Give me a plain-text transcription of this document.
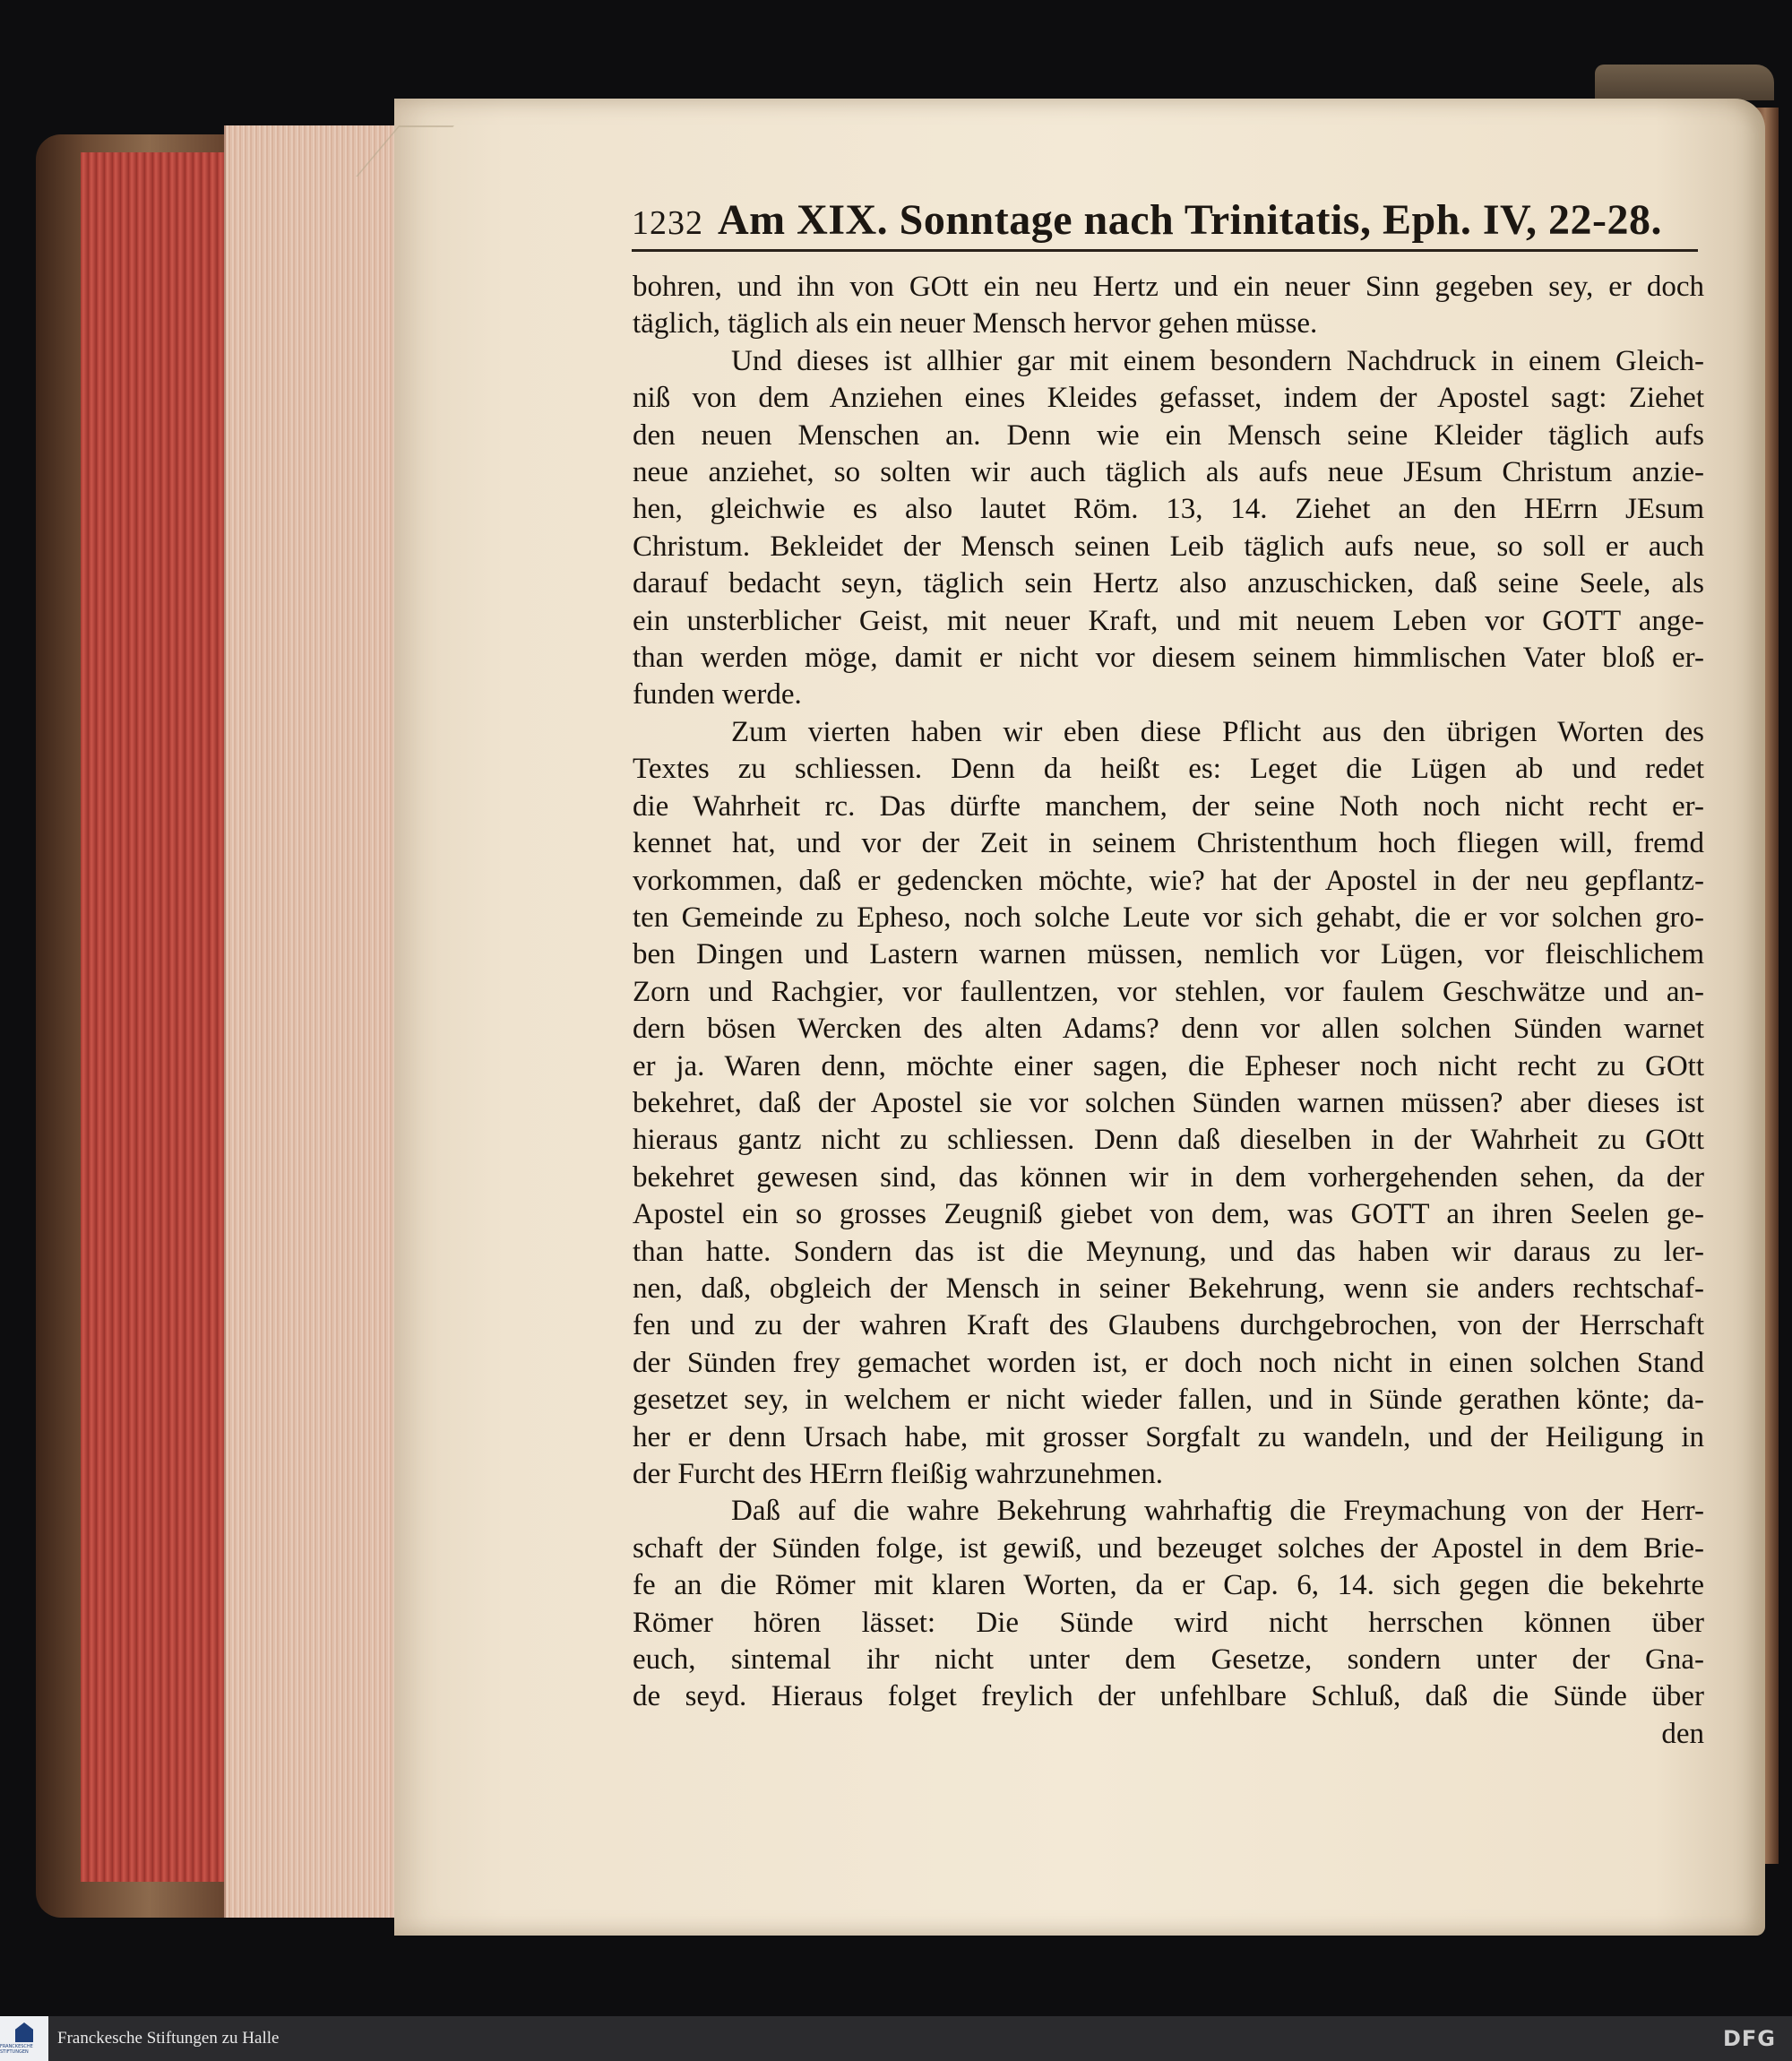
1232 Am XIX. Sonntage nach Trinitatis, Eph. IV, 22-28.
bohren, und ihn von GOtt ein neu Hertz und ein neuer Sinn gegeben sey, er doch
täglich, täglich als ein neuer Mensch hervor gehen müsse.
Und dieses ist allhier gar mit einem besondern Nachdruck in einem Gleich-
niß von dem Anziehen eines Kleides gefasset, indem der Apostel sagt: Ziehet
den neuen Menschen an. Denn wie ein Mensch seine Kleider täglich aufs
neue anziehet, so solten wir auch täglich als aufs neue JEsum Christum anzie-
hen, gleichwie es also lautet Röm. 13, 14. Ziehet an den HErrn JEsum
Christum. Bekleidet der Mensch seinen Leib täglich aufs neue, so soll er auch
darauf bedacht seyn, täglich sein Hertz also anzuschicken, daß seine Seele, als
ein unsterblicher Geist, mit neuer Kraft, und mit neuem Leben vor GOTT ange-
than werden möge, damit er nicht vor diesem seinem himmlischen Vater bloß er-
funden werde.
Zum vierten haben wir eben diese Pflicht aus den übrigen Worten des
Textes zu schliessen. Denn da heißt es: Leget die Lügen ab und redet
die Wahrheit rc. Das dürfte manchem, der seine Noth noch nicht recht er-
kennet hat, und vor der Zeit in seinem Christenthum hoch fliegen will, fremd
vorkommen, daß er gedencken möchte, wie? hat der Apostel in der neu gepflantz-
ten Gemeinde zu Epheso, noch solche Leute vor sich gehabt, die er vor solchen gro-
ben Dingen und Lastern warnen müssen, nemlich vor Lügen, vor fleischlichem
Zorn und Rachgier, vor faullentzen, vor stehlen, vor faulem Geschwätze und an-
dern bösen Wercken des alten Adams? denn vor allen solchen Sünden warnet
er ja. Waren denn, möchte einer sagen, die Epheser noch nicht recht zu GOtt
bekehret, daß der Apostel sie vor solchen Sünden warnen müssen? aber dieses ist
hieraus gantz nicht zu schliessen. Denn daß dieselben in der Wahrheit zu GOtt
bekehret gewesen sind, das können wir in dem vorhergehenden sehen, da der
Apostel ein so grosses Zeugniß giebet von dem, was GOTT an ihren Seelen ge-
than hatte. Sondern das ist die Meynung, und das haben wir daraus zu ler-
nen, daß, obgleich der Mensch in seiner Bekehrung, wenn sie anders rechtschaf-
fen und zu der wahren Kraft des Glaubens durchgebrochen, von der Herrschaft
der Sünden frey gemachet worden ist, er doch noch nicht in einen solchen Stand
gesetzet sey, in welchem er nicht wieder fallen, und in Sünde gerathen könte; da-
her er denn Ursach habe, mit grosser Sorgfalt zu wandeln, und der Heiligung in
der Furcht des HErrn fleißig wahrzunehmen.
Daß auf die wahre Bekehrung wahrhaftig die Freymachung von der Herr-
schaft der Sünden folge, ist gewiß, und bezeuget solches der Apostel in dem Brie-
fe an die Römer mit klaren Worten, da er Cap. 6, 14. sich gegen die bekehrte
Römer hören lässet: Die Sünde wird nicht herrschen können über
euch, sintemal ihr nicht unter dem Gesetze, sondern unter der Gna-
de seyd. Hieraus folget freylich der unfehlbare Schluß, daß die Sünde über
den
FRANCKESCHE STIFTUNGEN
Franckesche Stiftungen zu Halle	DFG
